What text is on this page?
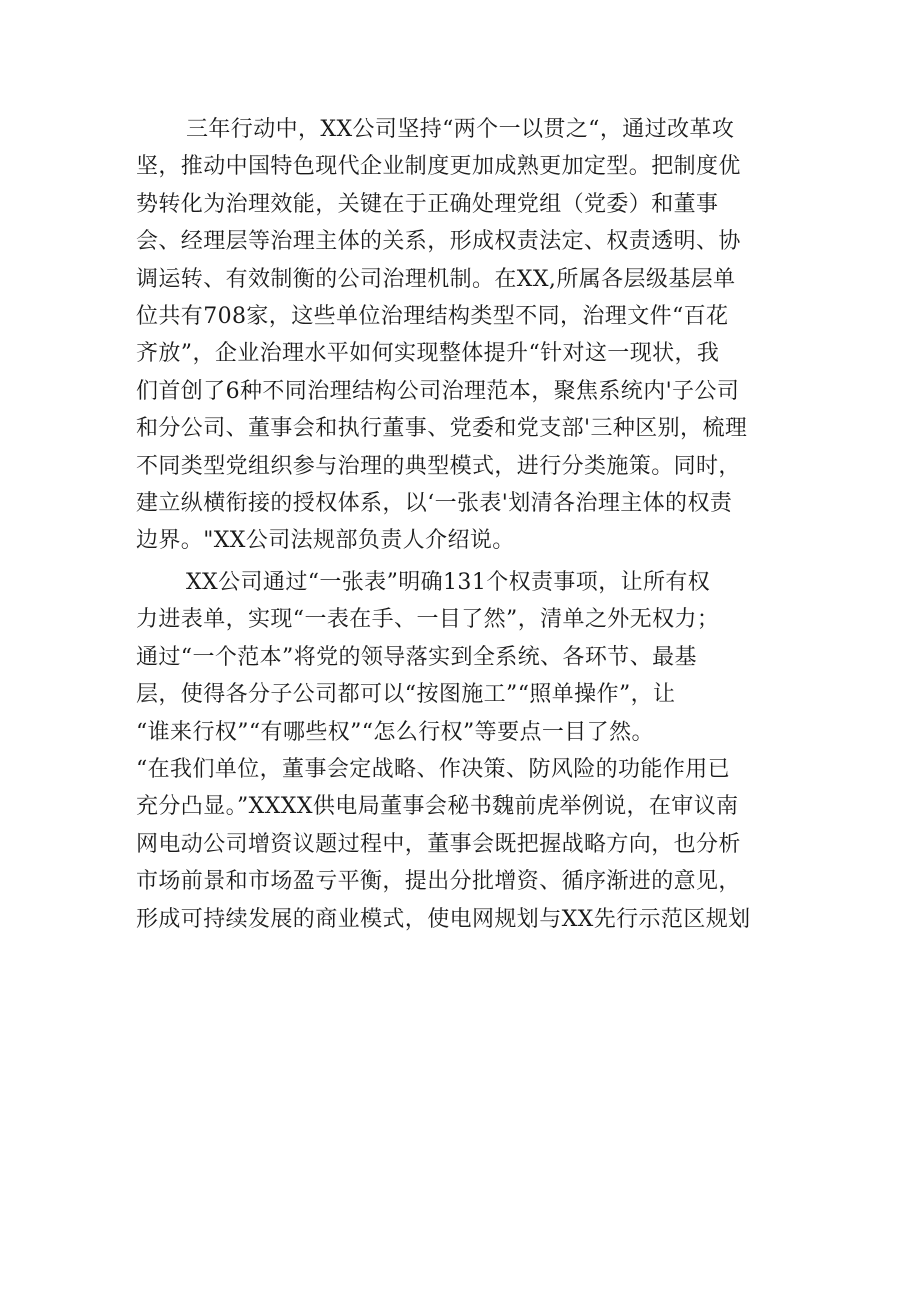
三年行动中，XX公司坚持“两个一以贯之“，通过改革攻
坚，推动中国特色现代企业制度更加成熟更加定型。把制度优
势转化为治理效能，关键在于正确处理党组（党委）和董事
会、经理层等治理主体的关系，形成权责法定、权责透明、协
调运转、有效制衡的公司治理机制。在XX,所属各层级基层单
位共有708家，这些单位治理结构类型不同，治理文件“百花
齐放”，企业治理水平如何实现整体提升“针对这一现状，我
们首创了6种不同治理结构公司治理范本，聚焦系统内'子公司
和分公司、董事会和执行董事、党委和党支部'三种区别，梳理
不同类型党组织参与治理的典型模式，进行分类施策。同时，
建立纵横衔接的授权体系，以‘一张表'划清各治理主体的权责
边界。"XX公司法规部负责人介绍说。
XX公司通过“一张表”明确131个权责事项，让所有权
力进表单，实现“一表在手、一目了然”，清单之外无权力；
通过“一个范本”将党的领导落实到全系统、各环节、最基
层，使得各分子公司都可以“按图施工”“照单操作”，让
“谁来行权”“有哪些权”“怎么行权”等要点一目了然。
“在我们单位，董事会定战略、作决策、防风险的功能作用已
充分凸显。”XXXX供电局董事会秘书魏前虎举例说，在审议南
网电动公司增资议题过程中，董事会既把握战略方向，也分析
市场前景和市场盈亏平衡，提出分批增资、循序渐进的意见，
形成可持续发展的商业模式，使电网规划与XX先行示范区规划
